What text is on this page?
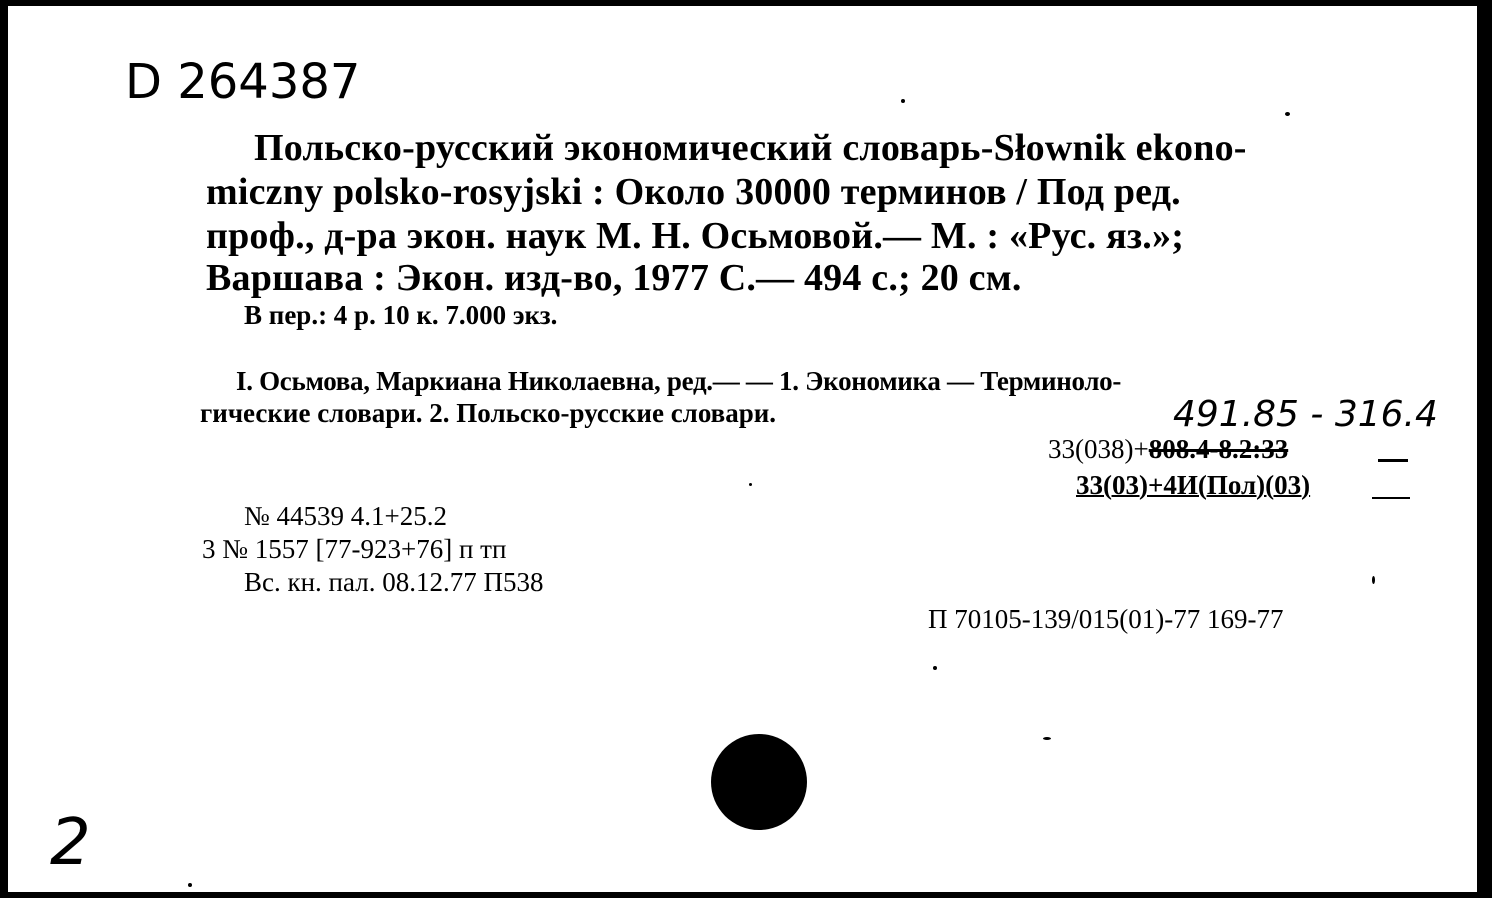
D 264387
Польско-русский экономический словарь-Słownik ekono-
miczny polsko-rosyjski : Около 30000 терминов / Под ред.
проф., д-ра экон. наук М. Н. Осьмовой.— М. : «Рус. яз.»;
Варшава : Экон. изд-во, 1977 С.— 494 с.; 20 см.
В пер.: 4 р. 10 к. 7.000 экз.
I. Осьмова, Маркиана Николаевна, ред.— — 1. Экономика — Терминоло-
гические словари. 2. Польско-русские словари.	491.85 - 316.4
33(038)+808.4-8.2:33
33(03)+4И(Пол)(03)
№ 44539 4.1+25.2
3 № 1557 [77-923+76] п тп
Вс. кн. пал. 08.12.77 П538
П 70105-139/015(01)-77 169-77
2
